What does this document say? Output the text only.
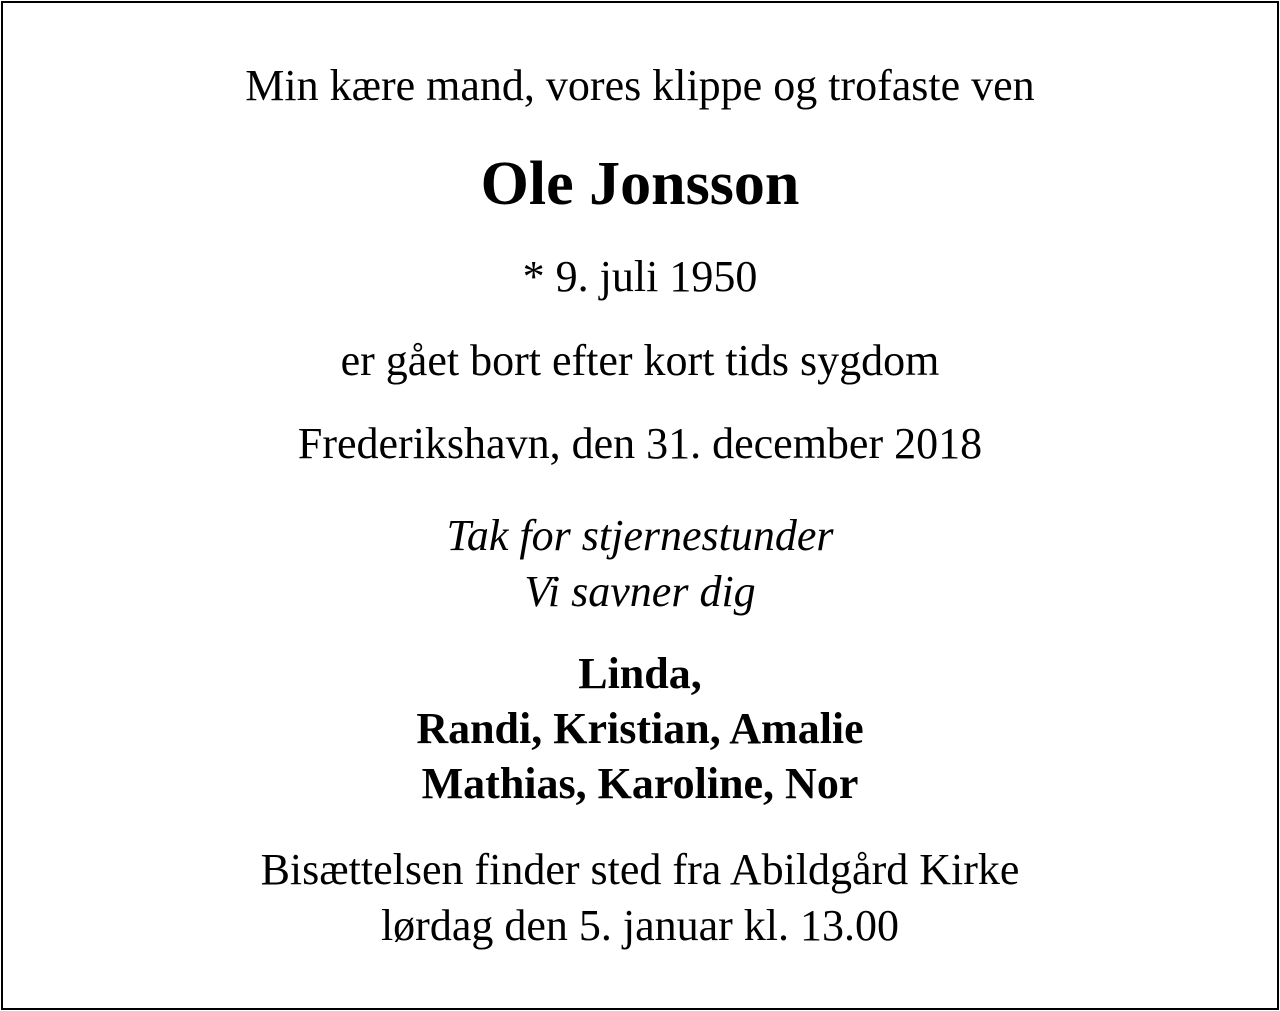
Min kære mand, vores klippe og trofaste ven
Ole Jonsson
* 9. juli 1950
er gået bort efter kort tids sygdom
Frederikshavn, den 31. december 2018
Tak for stjernestunder
Vi savner dig
Linda,
Randi, Kristian, Amalie
Mathias, Karoline, Nor
Bisættelsen finder sted fra Abildgård Kirke
lørdag den 5. januar kl. 13.00
